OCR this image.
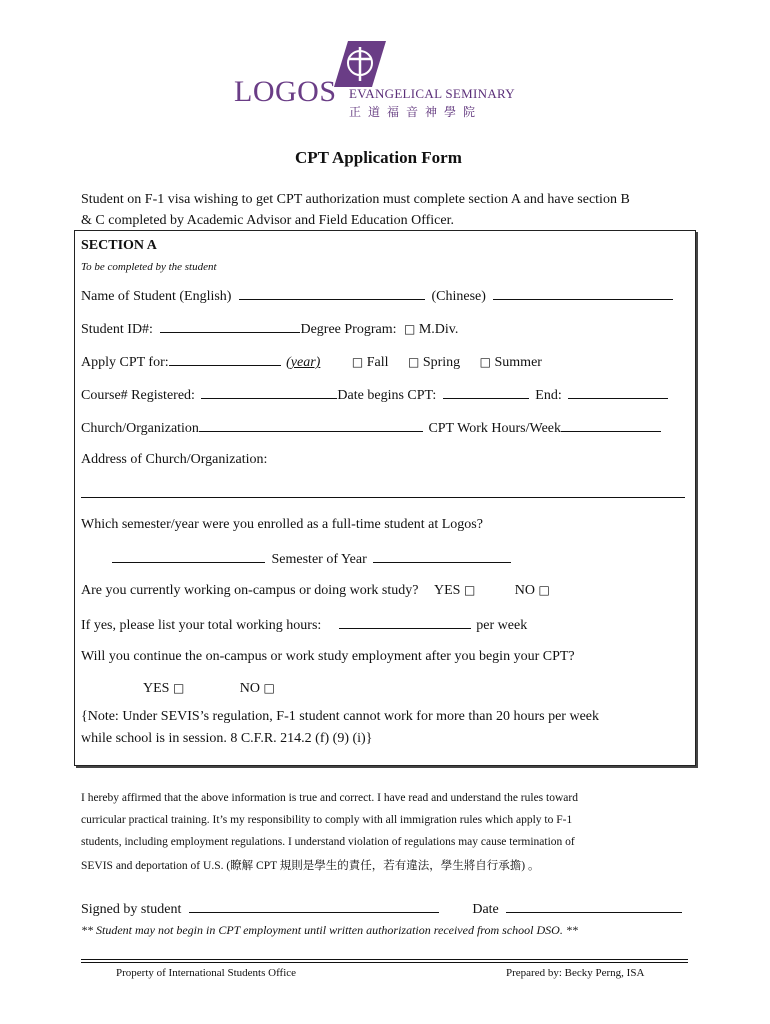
LOGOS EVANGELICAL SEMINARY
正道福音神學院
CPT Application Form
Student on F-1 visa wishing to get CPT authorization must complete section A and have section B
& C completed by Academic Advisor and Field Education Officer.
SECTION A
To be completed by the student
Name of Student (English)	(Chinese)
Student ID#:	Degree Program: □ M.Div.
Apply CPT for:	(year)	□ Fall □ Spring □ Summer
Course# Registered:	Date begins CPT:	End:
Church/Organization	CPT Work Hours/Week
Address of Church/Organization:
Which semester/year were you enrolled as a full-time student at Logos?
Semester of Year
Are you currently working on-campus or doing work study? YES □	NO □
If yes, please list your total working hours:	per week
Will you continue the on-campus or work study employment after you begin your CPT?
YES □	NO □
{Note: Under SEVIS’s regulation, F-1 student cannot work for more than 20 hours per week
while school is in session. 8 C.F.R. 214.2 (f) (9) (i)}
I hereby affirmed that the above information is true and correct. I have read and understand the rules toward
curricular practical training. It’s my responsibility to comply with all immigration rules which apply to F-1
students, including employment regulations. I understand violation of regulations may cause termination of
SEVIS and deportation of U.S. (瞭解 CPT 規則是學生的責任，若有違法，學生將自行承擔) 。
Signed by student	Date
** Student may not begin in CPT employment until written authorization received from school DSO. **
Property of International Students Office	Prepared by: Becky Perng, ISA
